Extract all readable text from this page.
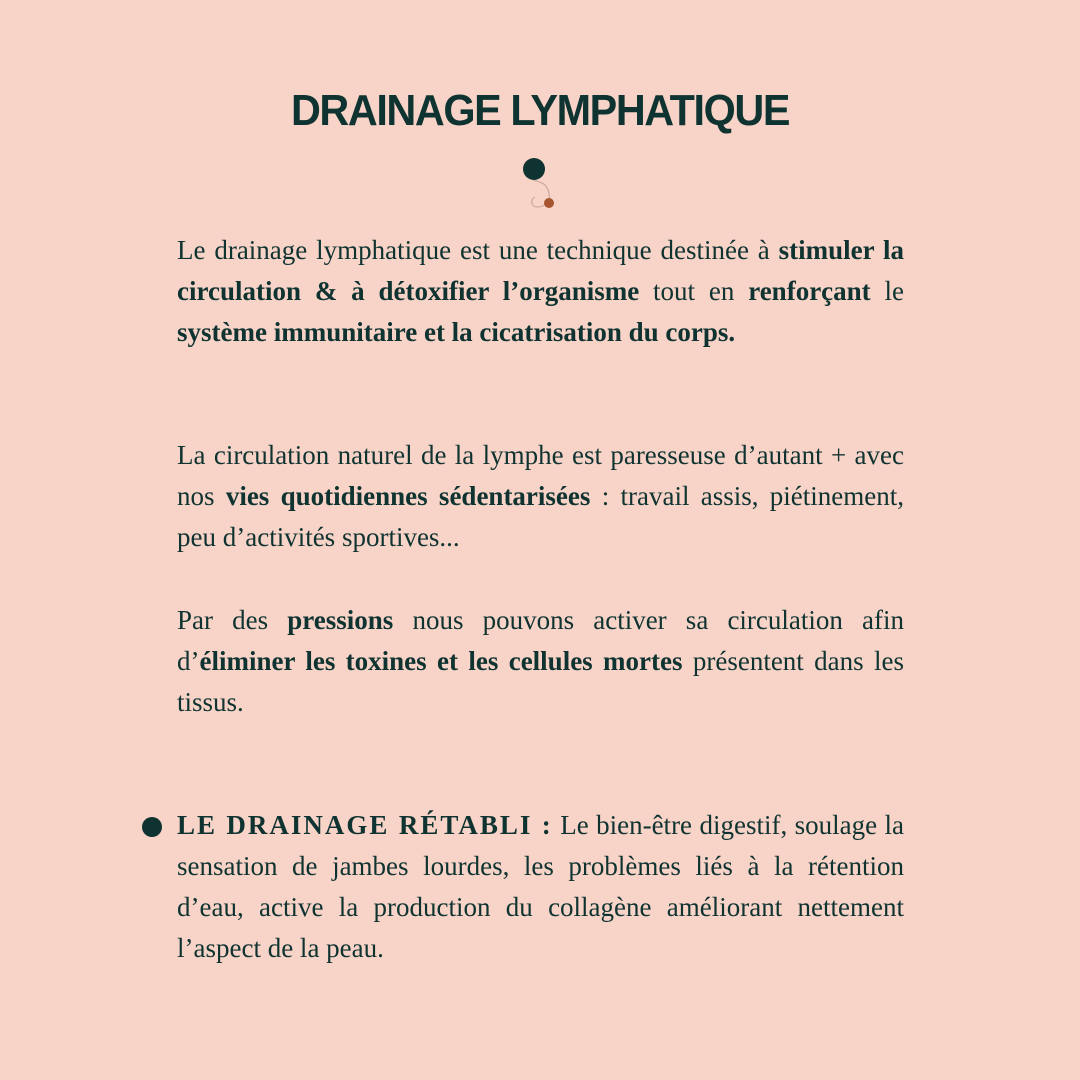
DRAINAGE LYMPHATIQUE

Le drainage lymphatique est une technique destinée à stimuler la circulation & à détoxifier l’organisme tout en renforçant le système immunitaire et la cicatrisation du corps.

La circulation naturel de la lymphe est paresseuse d’autant + avec nos vies quotidiennes sédentarisées : travail assis, piétinement, peu d’activités sportives...

Par des pressions nous pouvons activer sa circulation afin d’éliminer les toxines et les cellules mortes présentent dans les tissus.

LE DRAINAGE RÉTABLI : Le bien-être digestif, soulage la sensation de jambes lourdes, les problèmes liés à la rétention d’eau, active la production du collagène améliorant nettement l’aspect de la peau.
